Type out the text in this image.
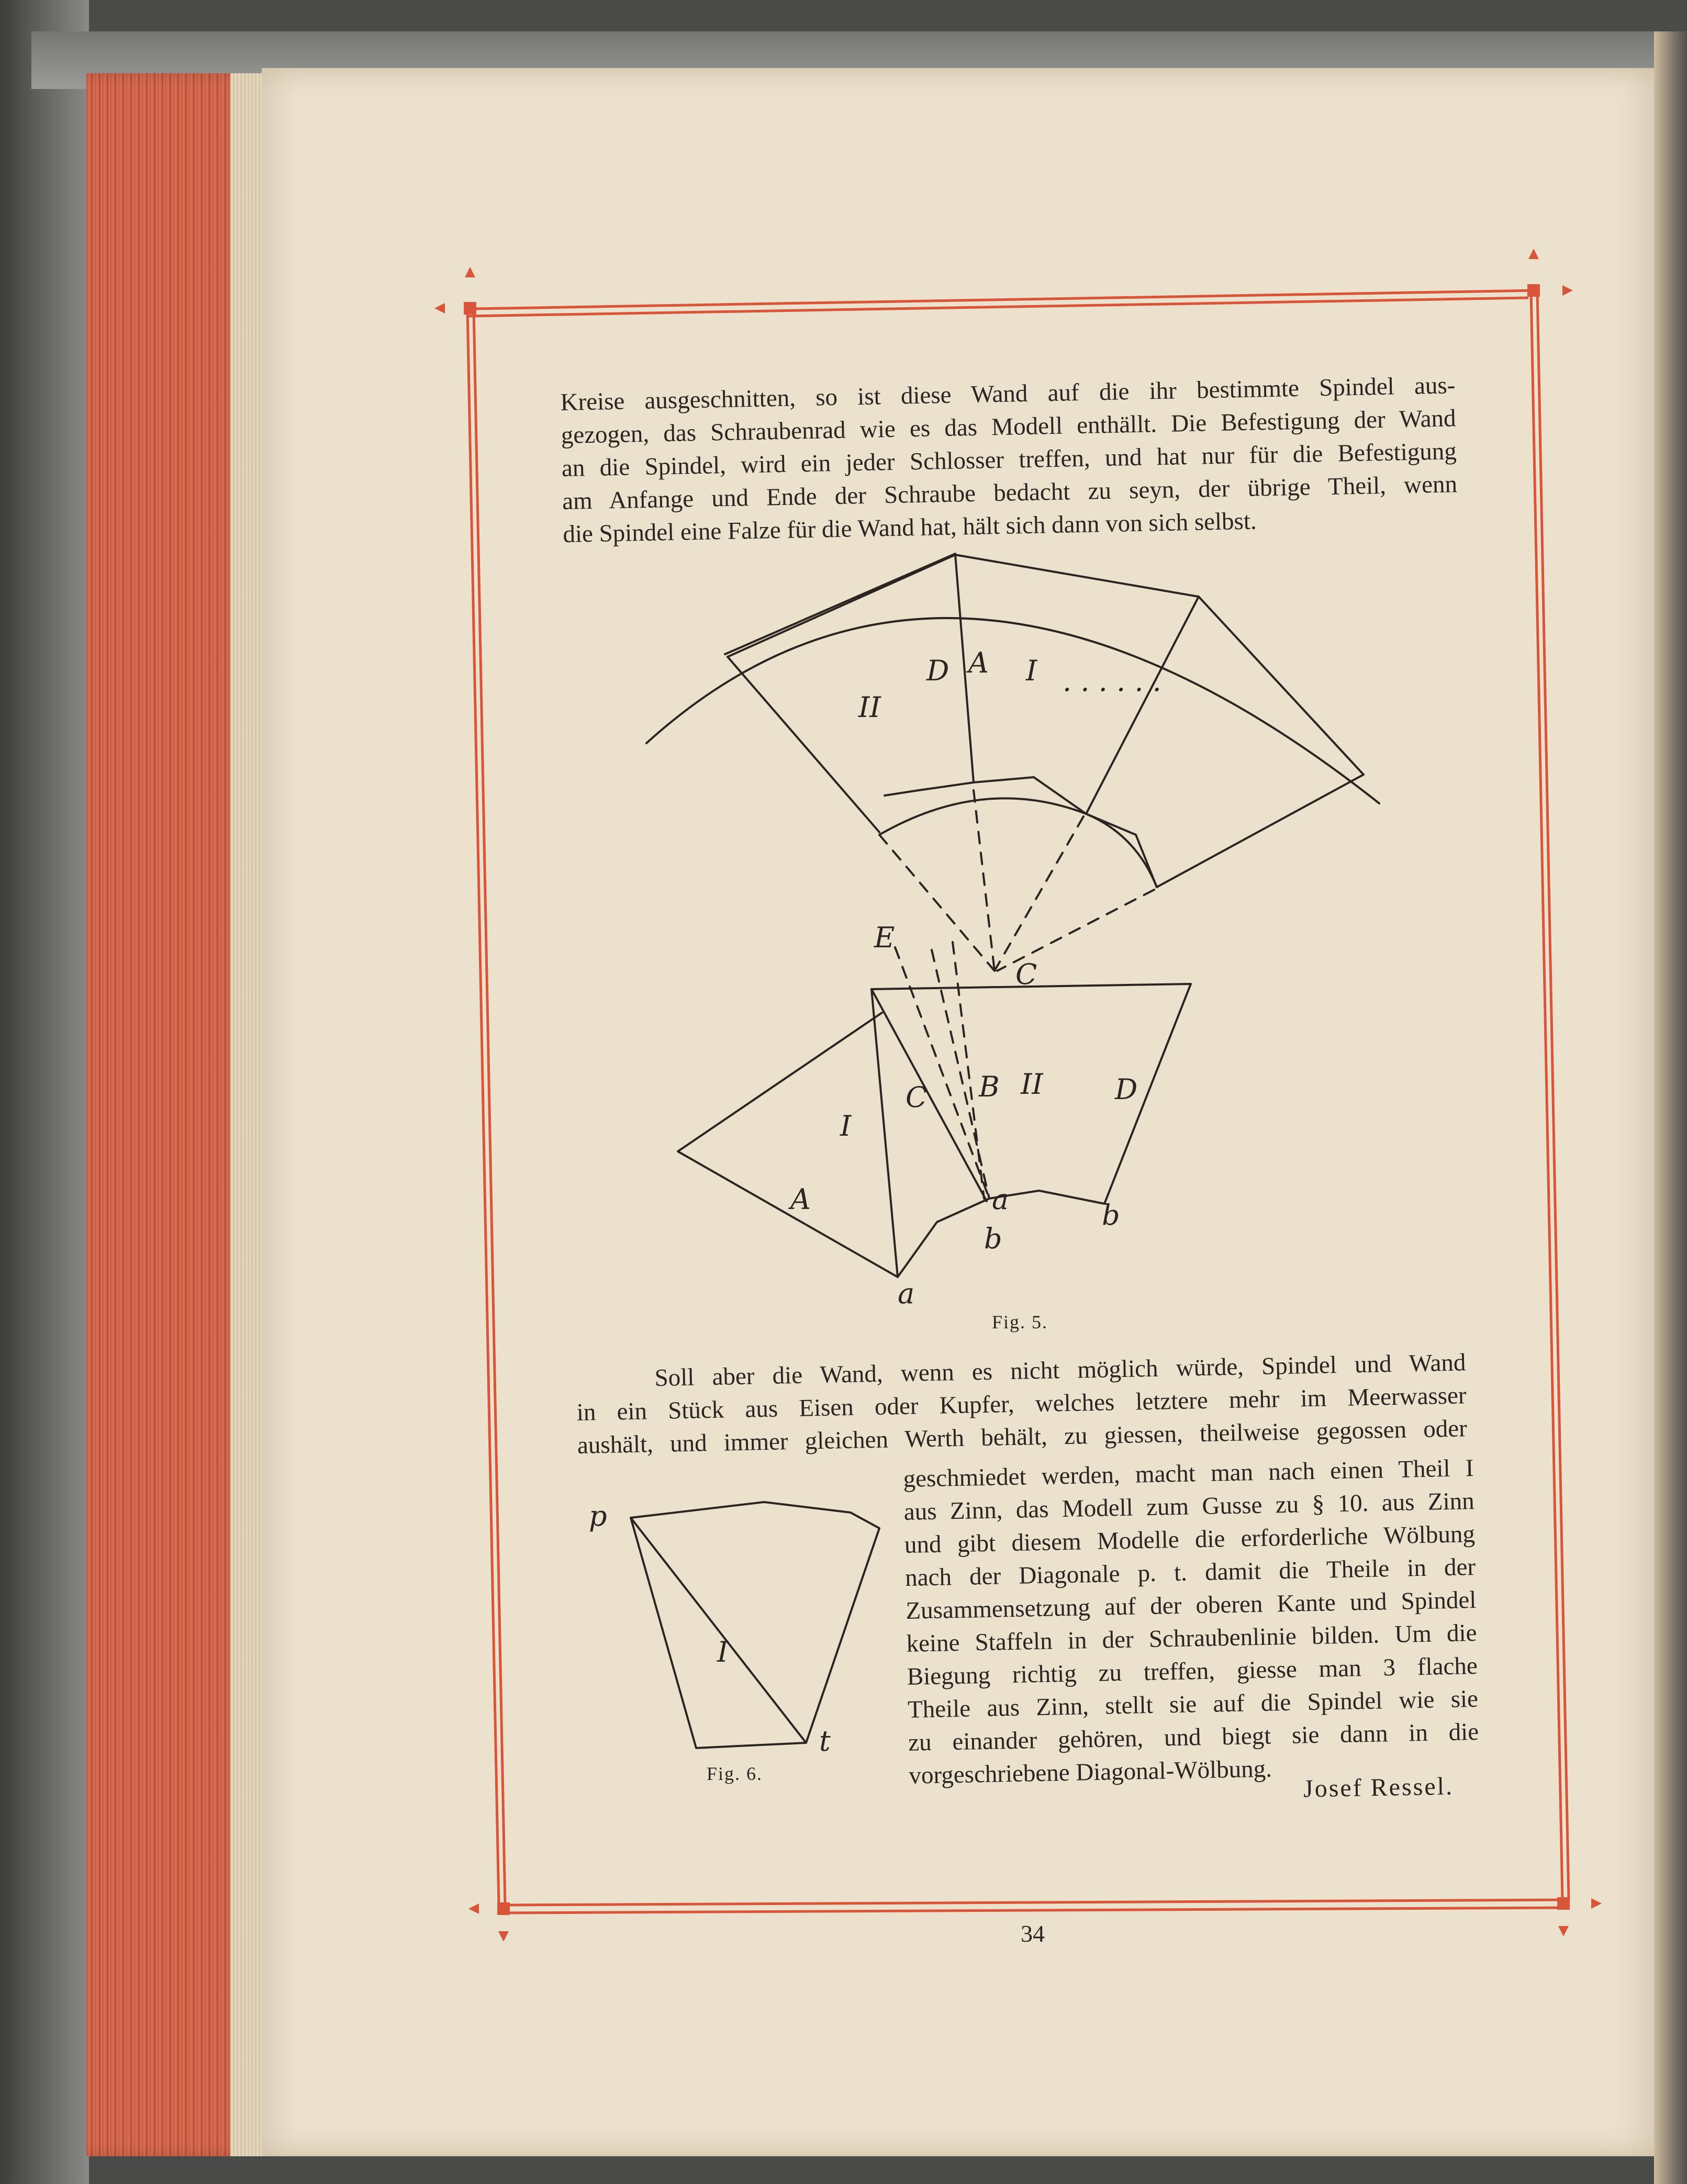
Kreise ausgeschnitten, so ist diese Wand auf die ihr bestimmte Spindel aus-
gezogen, das Schraubenrad wie es das Modell enthällt. Die Befestigung der Wand
an die Spindel, wird ein jeder Schlosser treffen, und hat nur für die Befestigung
am Anfange und Ende der Schraube bedacht zu seyn, der übrige Theil, wenn
die Spindel eine Falze für die Wand hat, hält sich dann von sich selbst.
II
D A I . . . . . .
E
C
B II	D
C
I
A	a
b
b
a
Fig. 5.
Soll aber die Wand, wenn es nicht möglich würde, Spindel und Wand
in ein Stück aus Eisen oder Kupfer, welches letztere mehr im Meerwasser
aushält, und immer gleichen Werth behält, zu giessen, theilweise gegossen oder
geschmiedet werden, macht man nach einen Theil I
aus Zinn, das Modell zum Gusse zu § 10. aus Zinn
und gibt diesem Modelle die erforderliche Wölbung
nach der Diagonale p. t. damit die Theile in der
Zusammensetzung auf der oberen Kante und Spindel
keine Staffeln in der Schraubenlinie bilden. Um die
Biegung richtig zu treffen, giesse man 3 flache
Theile aus Zinn, stellt sie auf die Spindel wie sie
zu einander gehören, und biegt sie dann in die
vorgeschriebene Diagonal-Wölbung.
p
I
t
Fig. 6.	Josef Ressel.
34
